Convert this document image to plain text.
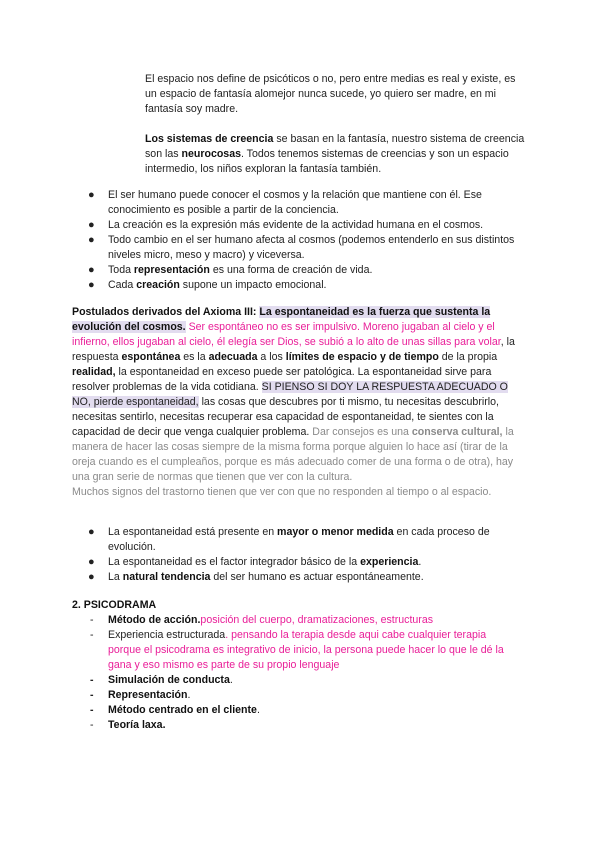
El espacio nos define de psicóticos o no, pero entre medias es real y existe, es un espacio de fantasía alomejor nunca sucede, yo quiero ser madre, en mi fantasía soy madre.
Los sistemas de creencia se basan en la fantasía, nuestro sistema de creencia son las neurocosas. Todos tenemos sistemas de creencias y son un espacio intermedio, los niños exploran la fantasía también.
● El ser humano puede conocer el cosmos y la relación que mantiene con él. Ese conocimiento es posible a partir de la conciencia.
● La creación es la expresión más evidente de la actividad humana en el cosmos.
● Todo cambio en el ser humano afecta al cosmos (podemos entenderlo en sus distintos niveles micro, meso y macro) y viceversa.
● Toda representación es una forma de creación de vida.
● Cada creación supone un impacto emocional.
Postulados derivados del Axioma III: La espontaneidad es la fuerza que sustenta la evolución del cosmos. Ser espontáneo no es ser impulsivo. Moreno jugaban al cielo y el infierno, ellos jugaban al cielo, él elegía ser Dios, se subió a lo alto de unas sillas para volar, la respuesta espontánea es la adecuada a los límites de espacio y de tiempo de la propia realidad, la espontaneidad en exceso puede ser patológica. La espontaneidad sirve para resolver problemas de la vida cotidiana. SI PIENSO SI DOY LA RESPUESTA ADECUADO O NO, pierde espontaneidad, las cosas que descubres por ti mismo, tu necesitas descubrirlo, necesitas sentirlo, necesitas recuperar esa capacidad de espontaneidad, te sientes con la capacidad de decir que venga cualquier problema. Dar consejos es una conserva cultural, la manera de hacer las cosas siempre de la misma forma porque alguien lo hace así (tirar de la oreja cuando es el cumpleaños, porque es más adecuado comer de una forma o de otra), hay una gran serie de normas que tienen que ver con la cultura.
Muchos signos del trastorno tienen que ver con que no responden al tiempo o al espacio.
● La espontaneidad está presente en mayor o menor medida en cada proceso de evolución.
● La espontaneidad es el factor integrador básico de la experiencia.
● La natural tendencia del ser humano es actuar espontáneamente.
2. PSICODRAMA
- Método de acción.posición del cuerpo, dramatizaciones, estructuras
- Experiencia estructurada. pensando la terapia desde aqui cabe cualquier terapia porque el psicodrama es integrativo de inicio, la persona puede hacer lo que le dé la gana y eso mismo es parte de su propio lenguaje
- Simulación de conducta.
- Representación.
- Método centrado en el cliente.
- Teoría laxa.
